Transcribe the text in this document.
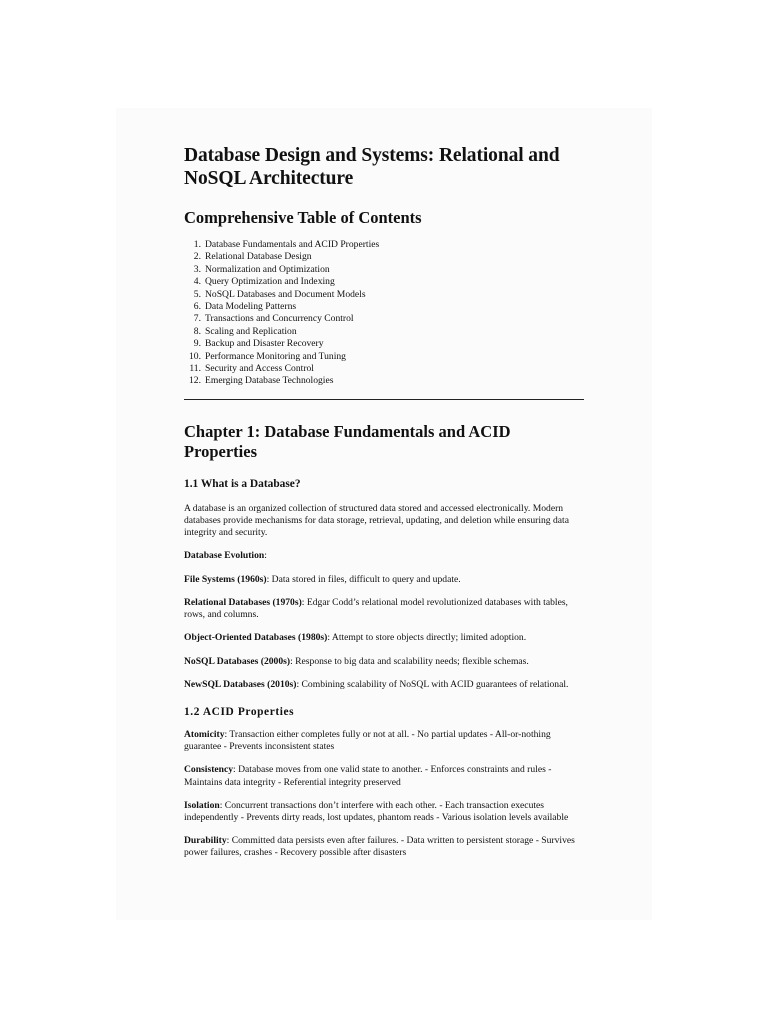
Database Design and Systems: Relational and NoSQL Architecture
Comprehensive Table of Contents
1. Database Fundamentals and ACID Properties
2. Relational Database Design
3. Normalization and Optimization
4. Query Optimization and Indexing
5. NoSQL Databases and Document Models
6. Data Modeling Patterns
7. Transactions and Concurrency Control
8. Scaling and Replication
9. Backup and Disaster Recovery
10. Performance Monitoring and Tuning
11. Security and Access Control
12. Emerging Database Technologies
Chapter 1: Database Fundamentals and ACID Properties
1.1 What is a Database?

A database is an organized collection of structured data stored and accessed electronically. Modern databases provide mechanisms for data storage, retrieval, updating, and deletion while ensuring data integrity and security.

Database Evolution:

File Systems (1960s): Data stored in files, difficult to query and update.

Relational Databases (1970s): Edgar Codd’s relational model revolutionized databases with tables, rows, and columns.

Object-Oriented Databases (1980s): Attempt to store objects directly; limited adoption.

NoSQL Databases (2000s): Response to big data and scalability needs; flexible schemas.

NewSQL Databases (2010s): Combining scalability of NoSQL with ACID guarantees of relational.

1.2 ACID Properties

Atomicity: Transaction either completes fully or not at all. - No partial updates - All-or-nothing guarantee - Prevents inconsistent states

Consistency: Database moves from one valid state to another. - Enforces constraints and rules - Maintains data integrity - Referential integrity preserved

Isolation: Concurrent transactions don’t interfere with each other. - Each transaction executes independently - Prevents dirty reads, lost updates, phantom reads - Various isolation levels available

Durability: Committed data persists even after failures. - Data written to persistent storage - Survives power failures, crashes - Recovery possible after disasters
